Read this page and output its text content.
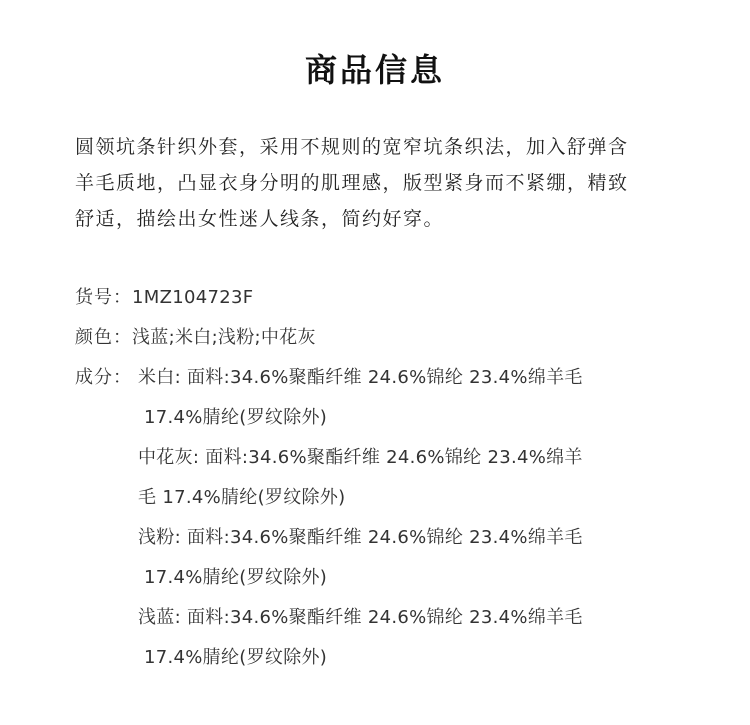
商品信息
圆领坑条针织外套，采用不规则的宽窄坑条织法，加入舒弹含
羊毛质地，凸显衣身分明的肌理感，版型紧身而不紧绷，精致
舒适，描绘出女性迷人线条，简约好穿。
货号：1MZ104723F
颜色：浅蓝;米白;浅粉;中花灰
成分： 米白: 面料:34.6%聚酯纤维 24.6%锦纶 23.4%绵羊毛
17.4%腈纶(罗纹除外)
中花灰: 面料:34.6%聚酯纤维 24.6%锦纶 23.4%绵羊
毛 17.4%腈纶(罗纹除外)
浅粉: 面料:34.6%聚酯纤维 24.6%锦纶 23.4%绵羊毛
17.4%腈纶(罗纹除外)
浅蓝: 面料:34.6%聚酯纤维 24.6%锦纶 23.4%绵羊毛
17.4%腈纶(罗纹除外)
